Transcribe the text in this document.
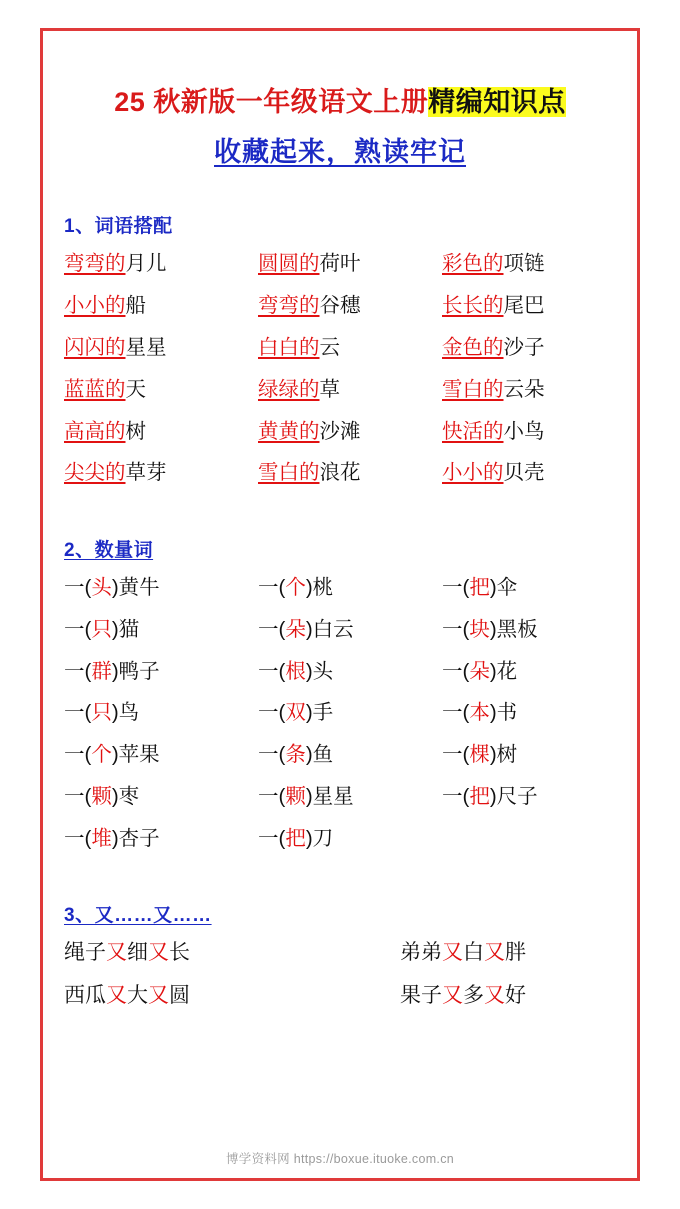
25 秋新版一年级语文上册精编知识点
收藏起来，熟读牢记
1、词语搭配
弯弯的月儿	圆圆的荷叶	彩色的项链
小小的船	弯弯的谷穗	长长的尾巴
闪闪的星星	白白的云	金色的沙子
蓝蓝的天	绿绿的草	雪白的云朵
高高的树	黄黄的沙滩	快活的小鸟
尖尖的草芽	雪白的浪花	小小的贝壳
2、数量词
一(头)黄牛	一(个)桃	一(把)伞
一(只)猫	一(朵)白云	一(块)黑板
一(群)鸭子	一(根)头	一(朵)花
一(只)鸟	一(双)手	一(本)书
一(个)苹果	一(条)鱼	一(棵)树
一(颗)枣	一(颗)星星	一(把)尺子
一(堆)杏子	一(把)刀
3、又……又……
绳子又细又长	弟弟又白又胖
西瓜又大又圆	果子又多又好
博学资料网 https://boxue.ituoke.com.cn
